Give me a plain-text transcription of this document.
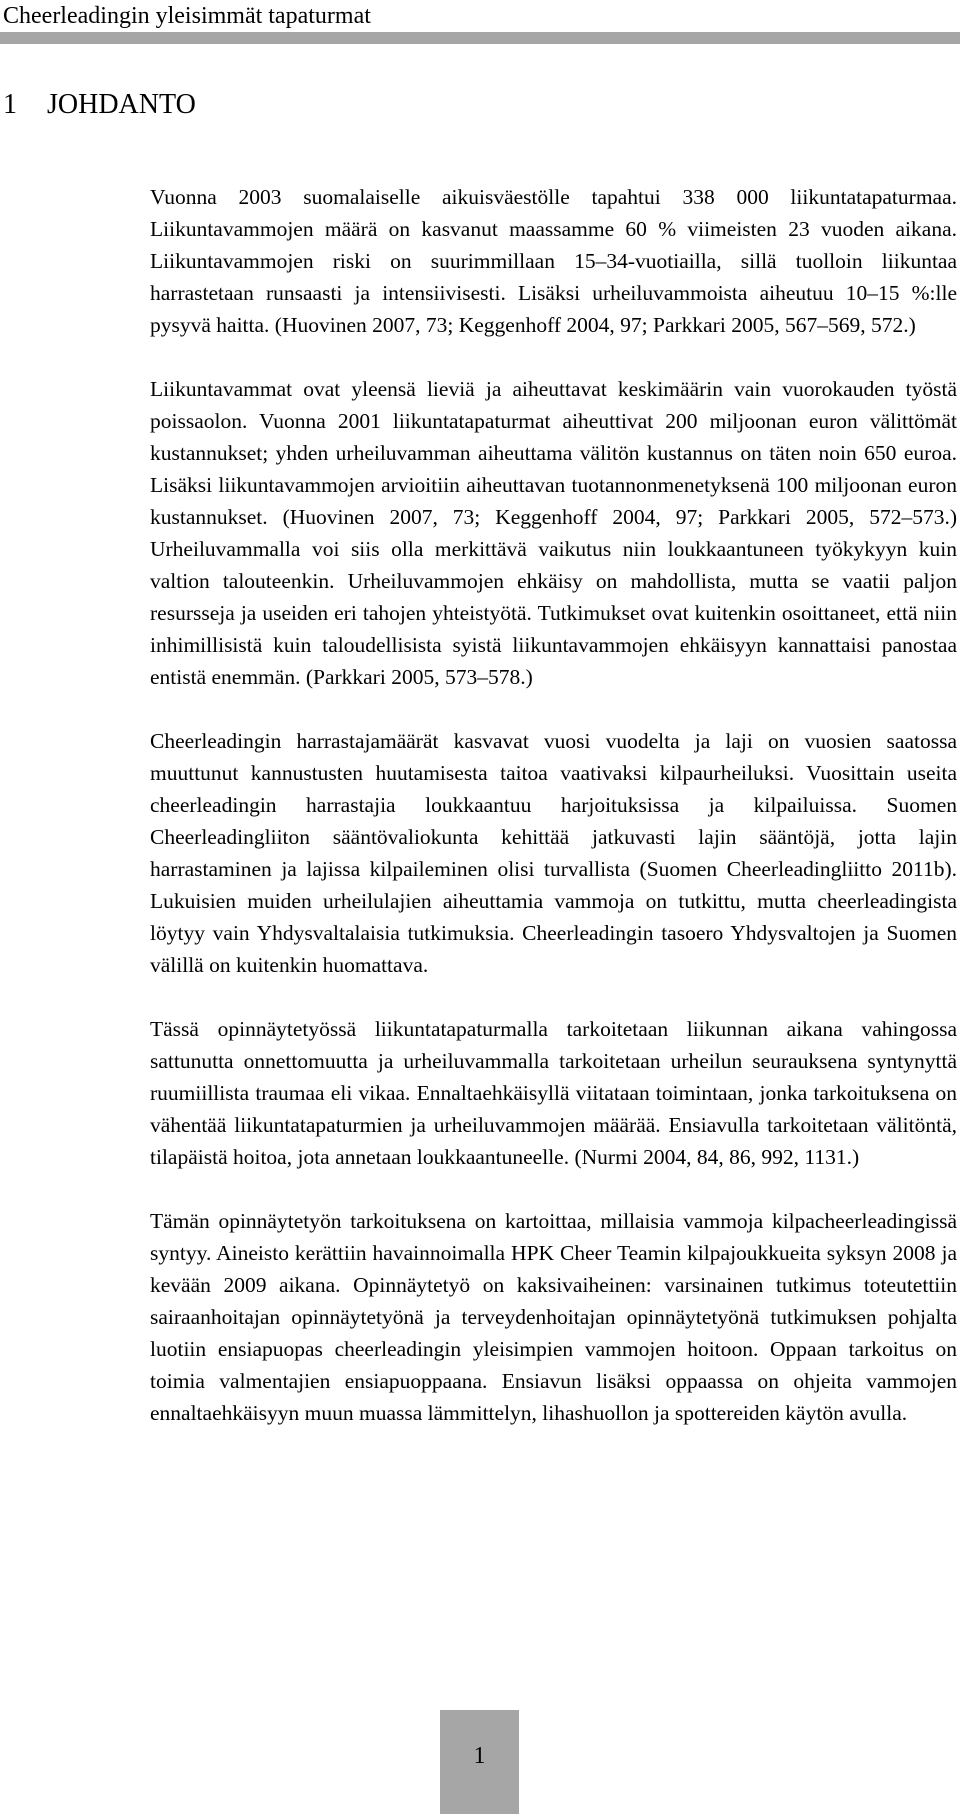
Cheerleadingin yleisimmät tapaturmat
1 JOHDANTO

Vuonna 2003 suomalaiselle aikuisväestölle tapahtui 338 000 liikuntatapaturmaa. Liikuntavammojen määrä on kasvanut maassamme 60 % viimeisten 23 vuoden aikana. Liikuntavammojen riski on suurimmillaan 15–34-vuotiailla, sillä tuolloin liikuntaa harrastetaan runsaasti ja intensiivisesti. Lisäksi urheiluvammoista aiheutuu 10–15 %:lle pysyvä haitta. (Huovinen 2007, 73; Keggenhoff 2004, 97; Parkkari 2005, 567–569, 572.)

Liikuntavammat ovat yleensä lieviä ja aiheuttavat keskimäärin vain vuorokauden työstä poissaolon. Vuonna 2001 liikuntatapaturmat aiheuttivat 200 miljoonan euron välittömät kustannukset; yhden urheiluvamman aiheuttama välitön kustannus on täten noin 650 euroa. Lisäksi liikuntavammojen arvioitiin aiheuttavan tuotannonmenetyksenä 100 miljoonan euron kustannukset. (Huovinen 2007, 73; Keggenhoff 2004, 97; Parkkari 2005, 572–573.) Urheiluvammalla voi siis olla merkittävä vaikutus niin loukkaantuneen työkykyyn kuin valtion talouteenkin. Urheiluvammojen ehkäisy on mahdollista, mutta se vaatii paljon resursseja ja useiden eri tahojen yhteistyötä. Tutkimukset ovat kuitenkin osoittaneet, että niin inhimillisistä kuin taloudellisista syistä liikuntavammojen ehkäisyyn kannattaisi panostaa entistä enemmän. (Parkkari 2005, 573–578.)

Cheerleadingin harrastajamäärät kasvavat vuosi vuodelta ja laji on vuosien saatossa muuttunut kannustusten huutamisesta taitoa vaativaksi kilpaurheiluksi. Vuosittain useita cheerleadingin harrastajia loukkaantuu harjoituksissa ja kilpailuissa. Suomen Cheerleadingliiton sääntövaliokunta kehittää jatkuvasti lajin sääntöjä, jotta lajin harrastaminen ja lajissa kilpaileminen olisi turvallista (Suomen Cheerleadingliitto 2011b). Lukuisien muiden urheilulajien aiheuttamia vammoja on tutkittu, mutta cheerleadingista löytyy vain Yhdysvaltalaisia tutkimuksia. Cheerleadingin tasoero Yhdysvaltojen ja Suomen välillä on kuitenkin huomattava.

Tässä opinnäytetyössä liikuntatapaturmalla tarkoitetaan liikunnan aikana vahingossa sattunutta onnettomuutta ja urheiluvammalla tarkoitetaan urheilun seurauksena syntynyttä ruumiillista traumaa eli vikaa. Ennaltaehkäisyllä viitataan toimintaan, jonka tarkoituksena on vähentää liikuntatapaturmien ja urheiluvammojen määrää. Ensiavulla tarkoitetaan välitöntä, tilapäistä hoitoa, jota annetaan loukkaantuneelle. (Nurmi 2004, 84, 86, 992, 1131.)

Tämän opinnäytetyön tarkoituksena on kartoittaa, millaisia vammoja kilpacheerleadingissä syntyy. Aineisto kerättiin havainnoimalla HPK Cheer Teamin kilpajoukkueita syksyn 2008 ja kevään 2009 aikana. Opinnäytetyö on kaksivaiheinen: varsinainen tutkimus toteutettiin sairaanhoitajan opinnäytetyönä ja terveydenhoitajan opinnäytetyönä tutkimuksen pohjalta luotiin ensiapuopas cheerleadingin yleisimpien vammojen hoitoon. Oppaan tarkoitus on toimia valmentajien ensiapuoppaana. Ensiavun lisäksi oppaassa on ohjeita vammojen ennaltaehkäisyyn muun muassa lämmittelyn, lihashuollon ja spottereiden käytön avulla.

1
